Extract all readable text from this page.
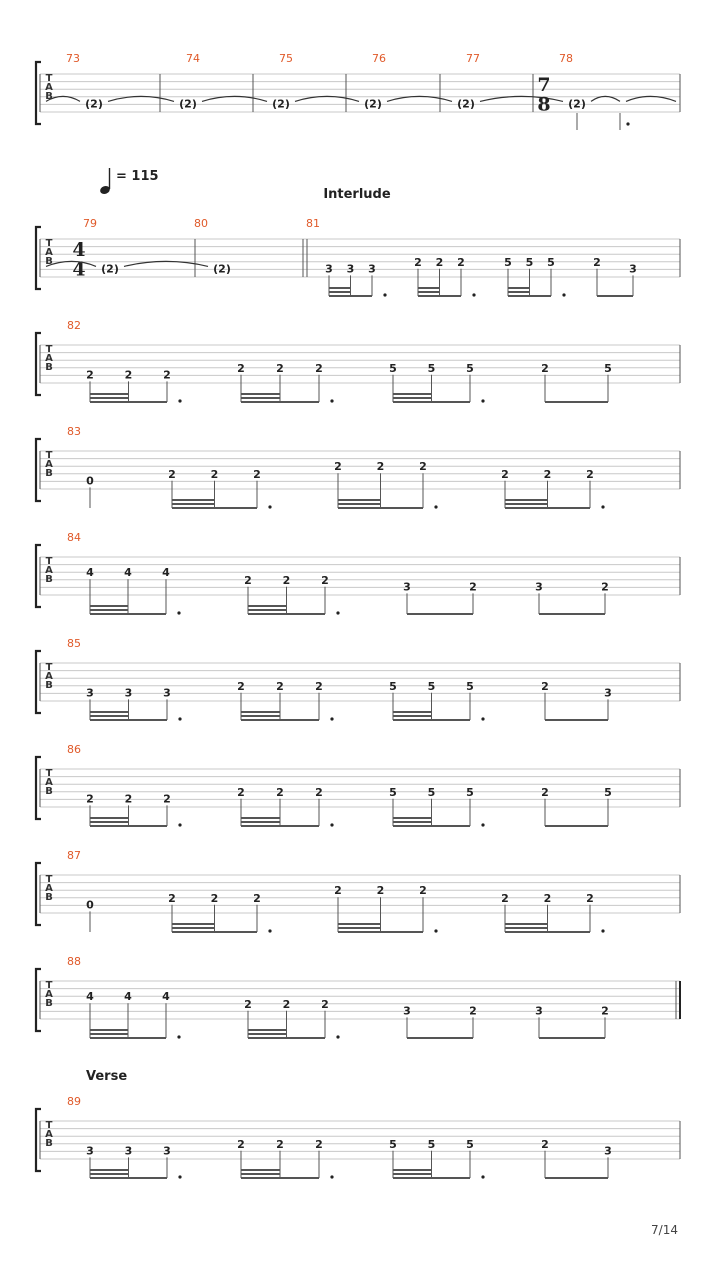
T
A
B
73
(2)
74
(2)
75
(2)
76
(2)
77
(2)
78
(2)
7
8
= 115
Interlude
T
A
B
79	80	81
4
4 (2)	(2)	3 3 3
2 2 2	5 5 5	2
3
T
A
B
82
2	2	2
2	2	2	5	5	5	2	5
T
A
B
83
0
2	2	2
2	2	2
2	2	2
T
A
B
84
4	4	4
2	2	2
3	2	3	2
T
A
B
85
3	3	3
2	2	2	5	5	5	2
3
T
A
B
86
2	2	2
2	2	2	5	5	5	2	5
T
A
B
87
0
2	2	2
2	2	2
2	2	2
T
A
B
88
4	4	4
2	2	2
3	2	3	2
Verse
T
A
B
89
3	3	3
2	2	2	5	5	5	2
3
7/14
